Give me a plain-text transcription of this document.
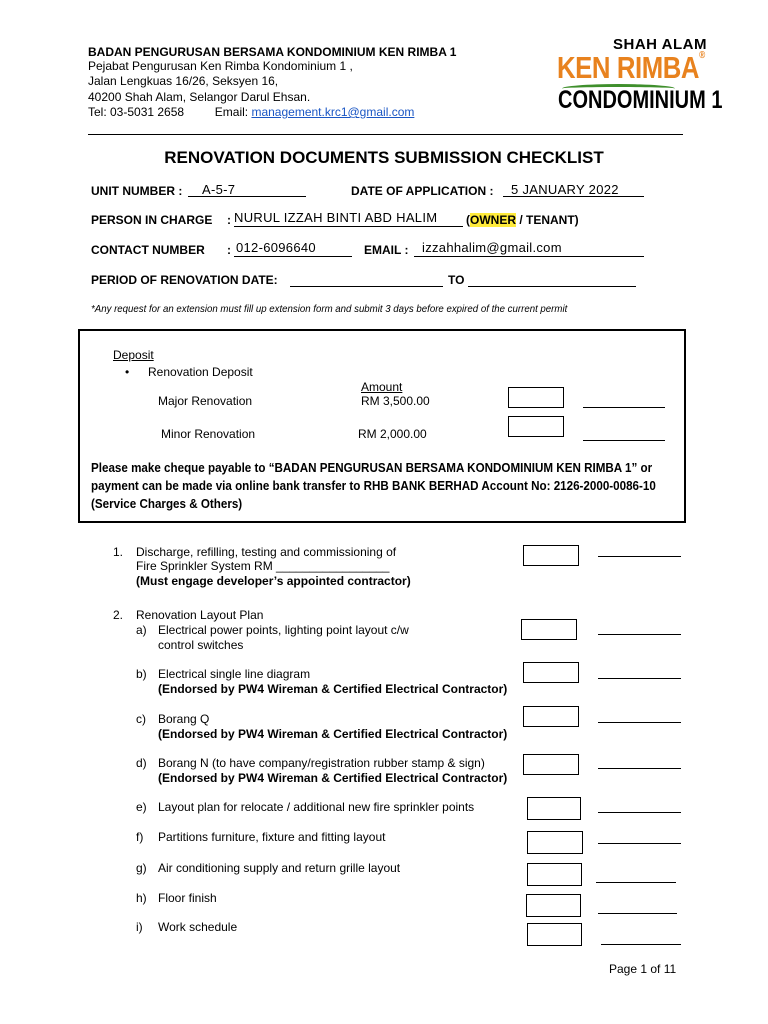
BADAN PENGURUSAN BERSAMA KONDOMINIUM KEN RIMBA 1
Pejabat Pengurusan Ken Rimba Kondominium 1 ,
Jalan Lengkuas 16/26, Seksyen 16,
40200 Shah Alam, Selangor Darul Ehsan.
Tel: 03-5031 2658	Email: management.krc1@gmail.com
SHAH ALAM
KEN RIMBA®
CONDOMINIUM 1
RENOVATION DOCUMENTS SUBMISSION CHECKLIST
UNIT NUMBER : A-5-7	DATE OF APPLICATION : 5 JANUARY 2022
PERSON IN CHARGE : NURUL IZZAH BINTI ABD HALIM (OWNER / TENANT)
CONTACT NUMBER : 012-6096640	EMAIL : izzahhalim@gmail.com
PERIOD OF RENOVATION DATE:	TO
*Any request for an extension must fill up extension form and submit 3 days before expired of the current permit
Deposit
• Renovation Deposit
Amount
Major Renovation	RM 3,500.00
Minor Renovation	RM 2,000.00
Please make cheque payable to “BADAN PENGURUSAN BERSAMA KONDOMINIUM KEN RIMBA 1” or
payment can be made via online bank transfer to RHB BANK BERHAD Account No: 2126-2000-0086-10
(Service Charges & Others)
1. Discharge, refilling, testing and commissioning of
Fire Sprinkler System RM _________________
(Must engage developer’s appointed contractor)
2. Renovation Layout Plan
a) Electrical power points, lighting point layout c/w
control switches
b) Electrical single line diagram
(Endorsed by PW4 Wireman & Certified Electrical Contractor)
c) Borang Q
(Endorsed by PW4 Wireman & Certified Electrical Contractor)
d) Borang N (to have company/registration rubber stamp & sign)
(Endorsed by PW4 Wireman & Certified Electrical Contractor)
e) Layout plan for relocate / additional new fire sprinkler points
f) Partitions furniture, fixture and fitting layout
g) Air conditioning supply and return grille layout
h) Floor finish
i) Work schedule
Page 1 of 11
